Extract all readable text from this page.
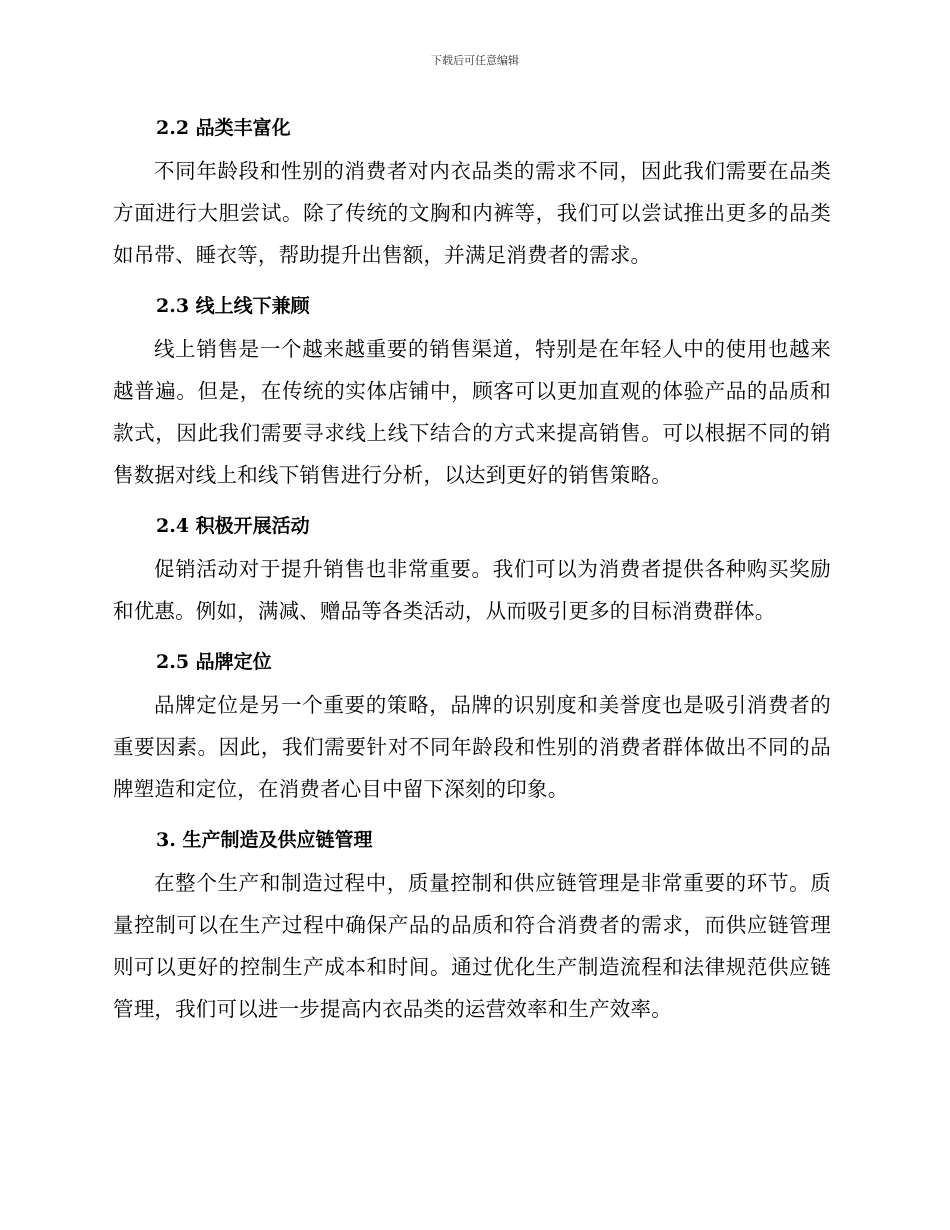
下载后可任意编辑
2.2 品类丰富化

不同年龄段和性别的消费者对内衣品类的需求不同，因此我们需要在品类方面进行大胆尝试。除了传统的文胸和内裤等，我们可以尝试推出更多的品类如吊带、睡衣等，帮助提升出售额，并满足消费者的需求。

2.3 线上线下兼顾

线上销售是一个越来越重要的销售渠道，特别是在年轻人中的使用也越来越普遍。但是，在传统的实体店铺中，顾客可以更加直观的体验产品的品质和款式，因此我们需要寻求线上线下结合的方式来提高销售。可以根据不同的销售数据对线上和线下销售进行分析，以达到更好的销售策略。

2.4 积极开展活动

促销活动对于提升销售也非常重要。我们可以为消费者提供各种购买奖励和优惠。例如，满减、赠品等各类活动，从而吸引更多的目标消费群体。

2.5 品牌定位

品牌定位是另一个重要的策略，品牌的识别度和美誉度也是吸引消费者的重要因素。因此，我们需要针对不同年龄段和性别的消费者群体做出不同的品牌塑造和定位，在消费者心目中留下深刻的印象。

3. 生产制造及供应链管理

在整个生产和制造过程中，质量控制和供应链管理是非常重要的环节。质量控制可以在生产过程中确保产品的品质和符合消费者的需求，而供应链管理则可以更好的控制生产成本和时间。通过优化生产制造流程和法律规范供应链管理，我们可以进一步提高内衣品类的运营效率和生产效率。
